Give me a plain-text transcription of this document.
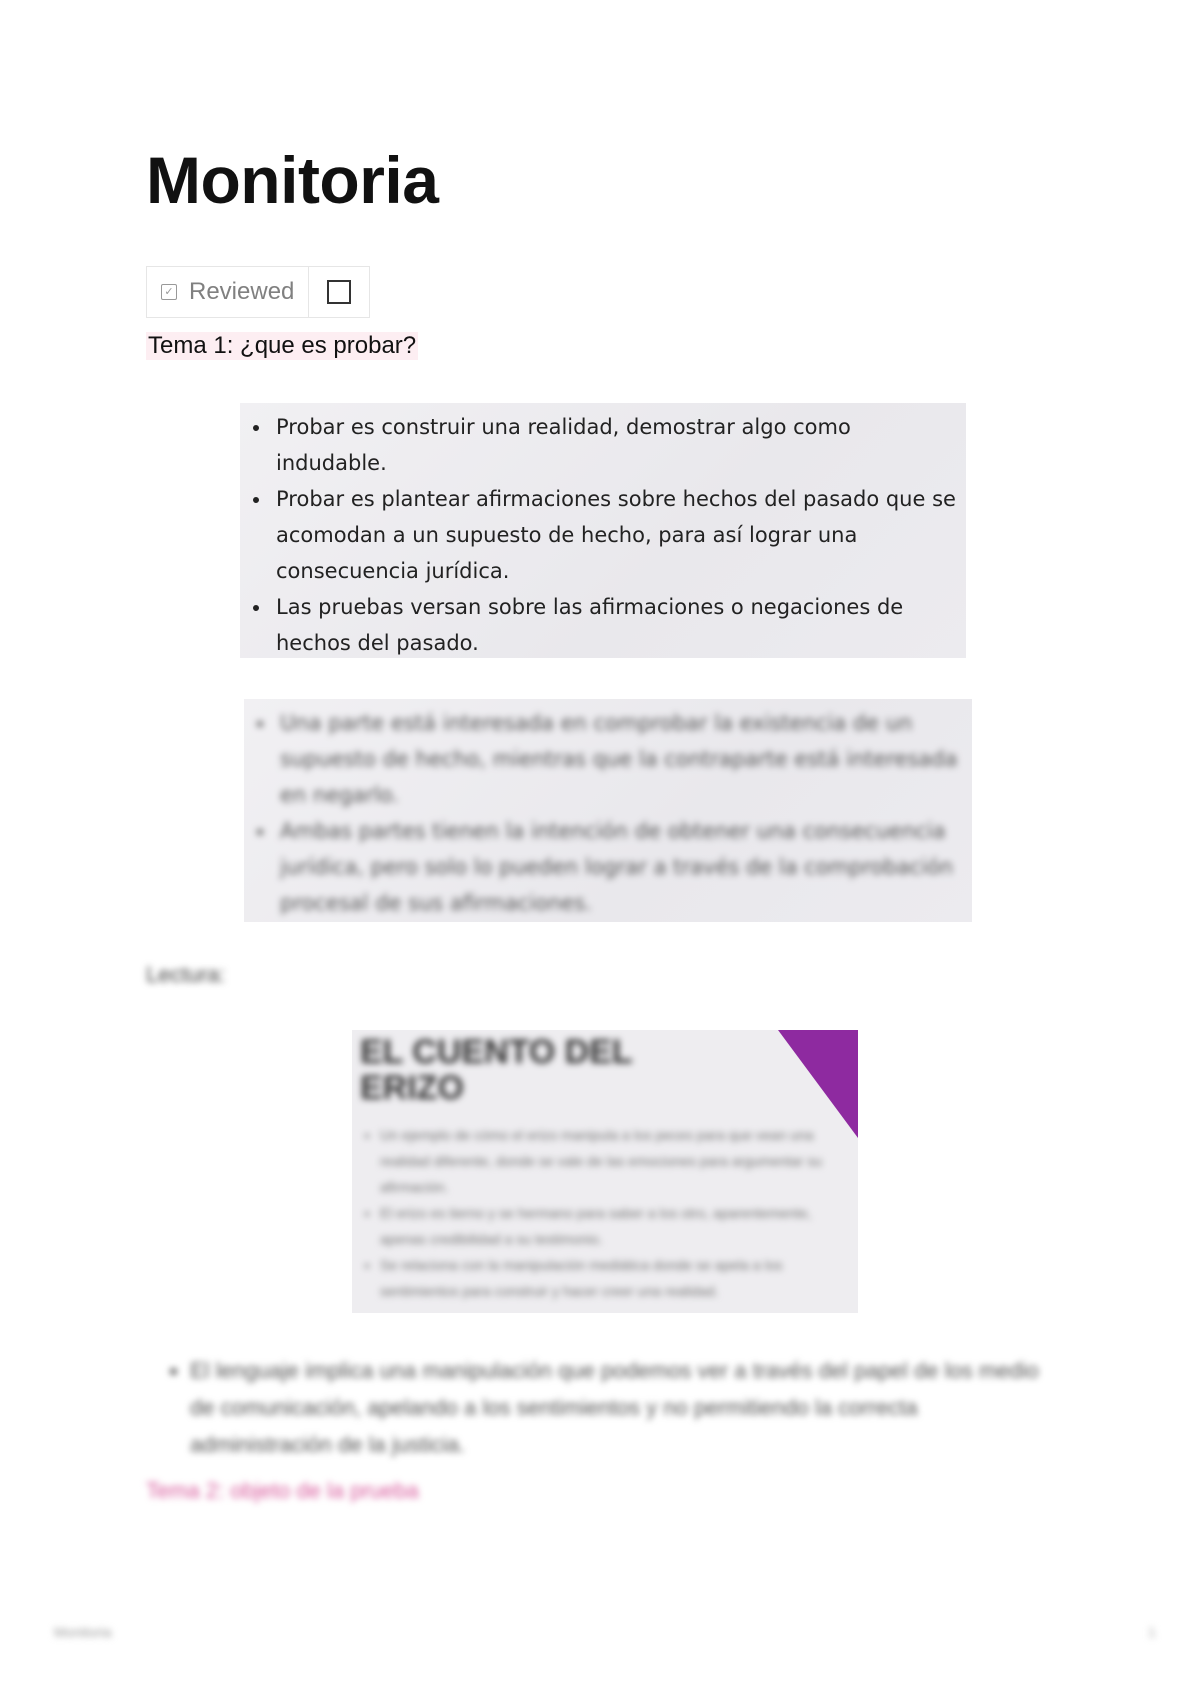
Monitoria
✓ Reviewed
Tema 1: ¿que es probar?
• Probar es construir una realidad, demostrar algo como indudable.
• Probar es plantear afirmaciones sobre hechos del pasado que se acomodan a un supuesto de hecho, para así lograr una consecuencia jurídica.
• Las pruebas versan sobre las afirmaciones o negaciones de hechos del pasado.
• Una parte está interesada en comprobar la existencia de un supuesto de hecho, mientras que la contraparte está interesada en negarlo.
• Ambas partes tienen la intención de obtener una consecuencia jurídica, pero solo lo pueden lograr a través de la comprobación procesal de sus afirmaciones.
Lectura:
EL CUENTO DEL ERIZO
• Un ejemplo de cómo el erizo manipula a los peces para que vean una realidad diferente, donde se vale de las emociones para argumentar su afirmación.
• El erizo es tierno y se hermano para saber a los otro, aparentemente, apenas credibilidad a su testimonio.
• Se relaciona con la manipulación mediática donde se apela a los sentimientos para construir y hacer creer una realidad.
• El lenguaje implica una manipulación que podemos ver a través del papel de los medio de comunicación, apelando a los sentimientos y no permitiendo la correcta administración de la justicia.
Tema 2: objeto de la prueba
Monitoria	1
